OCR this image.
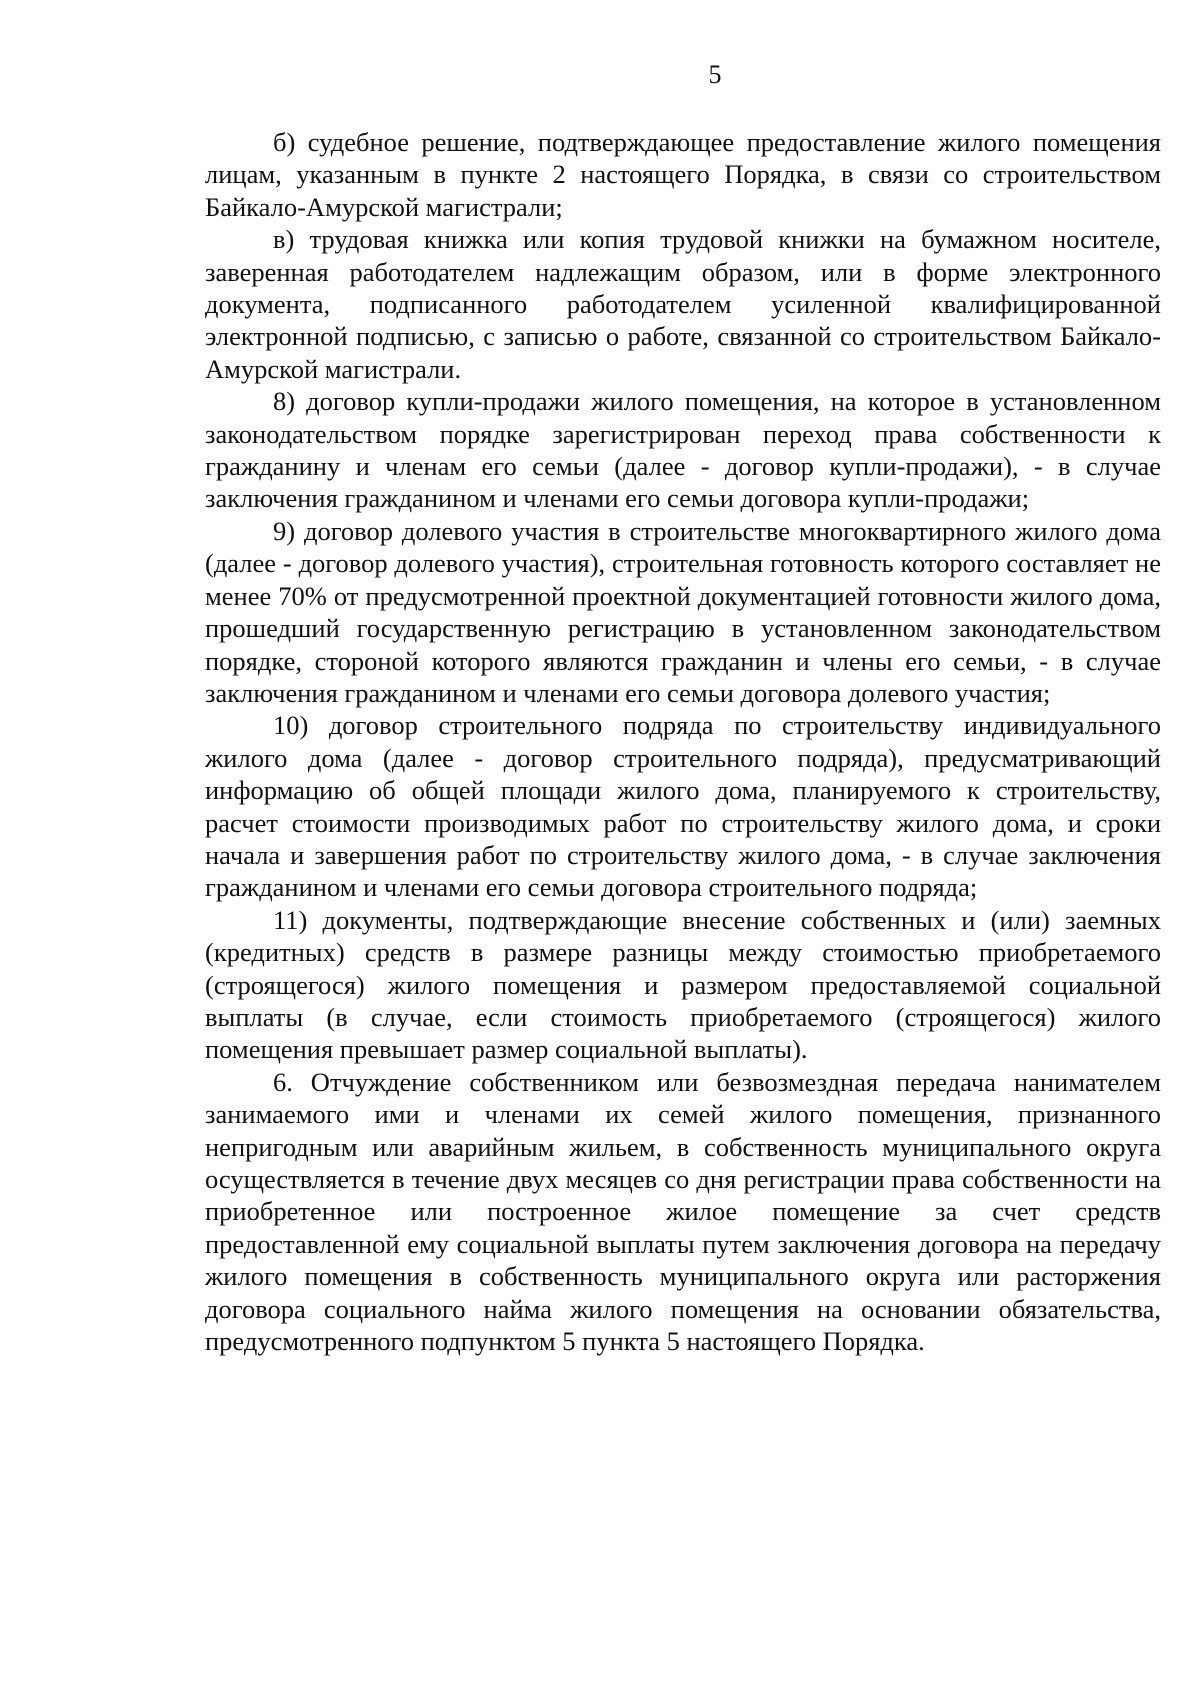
5

б) судебное решение, подтверждающее предоставление жилого помещения лицам, указанным в пункте 2 настоящего Порядка, в связи со строительством Байкало-Амурской магистрали;

в) трудовая книжка или копия трудовой книжки на бумажном носителе, заверенная работодателем надлежащим образом, или в форме электронного документа, подписанного работодателем усиленной квалифицированной электронной подписью, с записью о работе, связанной со строительством Байкало-Амурской магистрали.

8) договор купли-продажи жилого помещения, на которое в установленном законодательством порядке зарегистрирован переход права собственности к гражданину и членам его семьи (далее - договор купли-продажи), - в случае заключения гражданином и членами его семьи договора купли-продажи;

9) договор долевого участия в строительстве многоквартирного жилого дома (далее - договор долевого участия), строительная готовность которого составляет не менее 70% от предусмотренной проектной документацией готовности жилого дома, прошедший государственную регистрацию в установленном законодательством порядке, стороной которого являются гражданин и члены его семьи, - в случае заключения гражданином и членами его семьи договора долевого участия;

10) договор строительного подряда по строительству индивидуального жилого дома (далее - договор строительного подряда), предусматривающий информацию об общей площади жилого дома, планируемого к строительству, расчет стоимости производимых работ по строительству жилого дома, и сроки начала и завершения работ по строительству жилого дома, - в случае заключения гражданином и членами его семьи договора строительного подряда;

11) документы, подтверждающие внесение собственных и (или) заемных (кредитных) средств в размере разницы между стоимостью приобретаемого (строящегося) жилого помещения и размером предоставляемой социальной выплаты (в случае, если стоимость приобретаемого (строящегося) жилого помещения превышает размер социальной выплаты).

6. Отчуждение собственником или безвозмездная передача нанимателем занимаемого ими и членами их семей жилого помещения, признанного непригодным или аварийным жильем, в собственность муниципального округа осуществляется в течение двух месяцев со дня регистрации права собственности на приобретенное или построенное жилое помещение за счет средств предоставленной ему социальной выплаты путем заключения договора на передачу жилого помещения в собственность муниципального округа или расторжения договора социального найма жилого помещения на основании обязательства, предусмотренного подпунктом 5 пункта 5 настоящего Порядка.
